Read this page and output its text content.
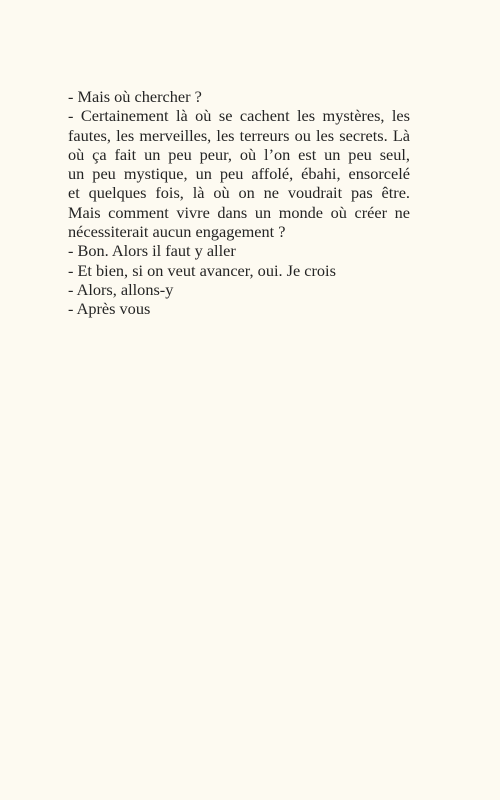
- Mais où chercher ?
- Certainement là où se cachent les mystères, les
fautes, les merveilles, les terreurs ou les secrets. Là
où ça fait un peu peur, où l’on est un peu seul,
un peu mystique, un peu affolé, ébahi, ensorcelé
et quelques fois, là où on ne voudrait pas être.
Mais comment vivre dans un monde où créer ne
nécessiterait aucun engagement ?
- Bon. Alors il faut y aller
- Et bien, si on veut avancer, oui. Je crois
- Alors, allons-y
- Après vous
